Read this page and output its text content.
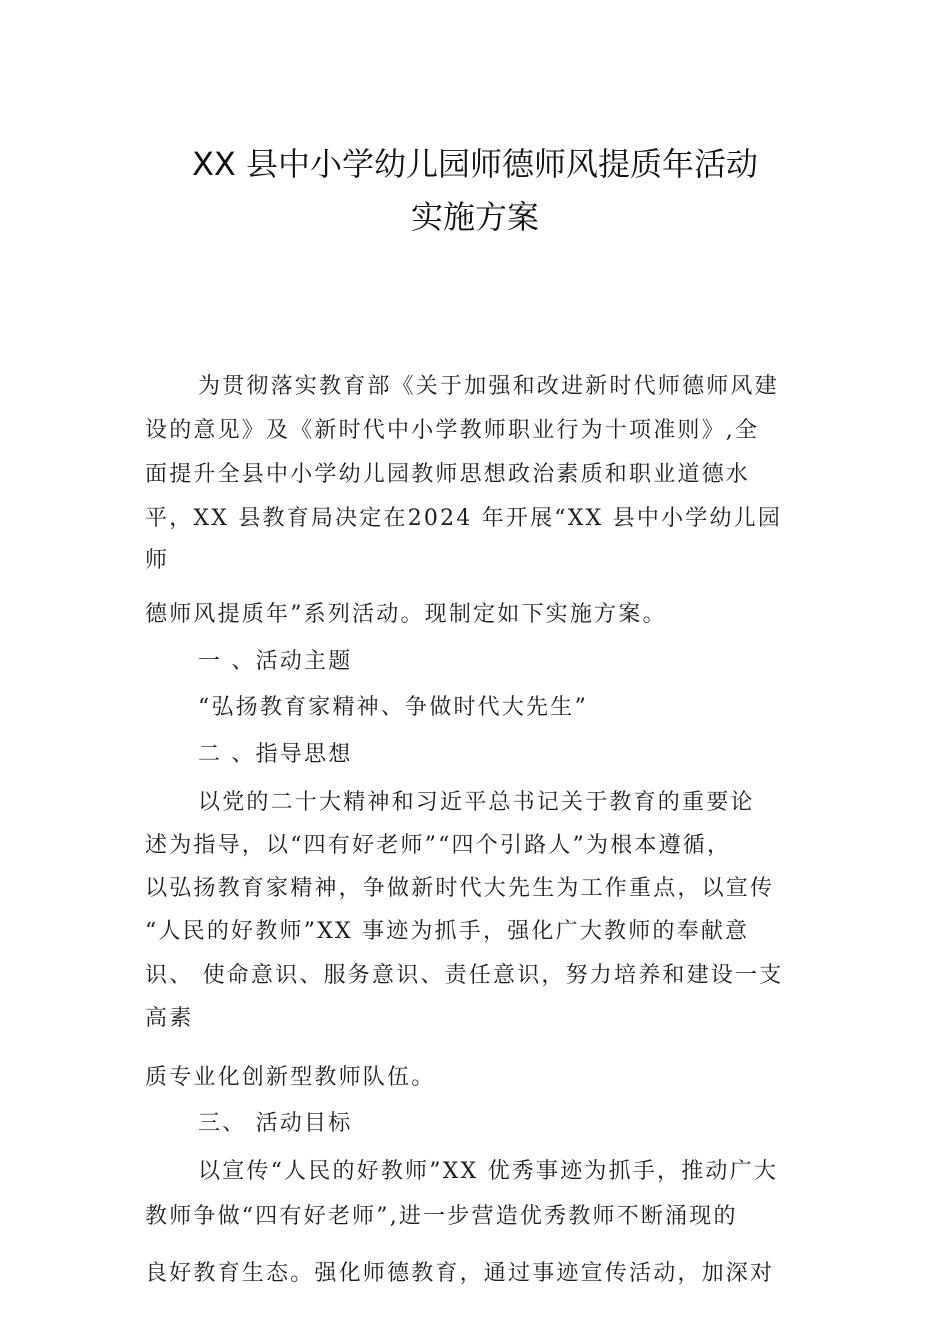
XX 县中小学幼儿园师德师风提质年活动
实施方案
为贯彻落实教育部《关于加强和改进新时代师德师风建
设的意见》及《新时代中小学教师职业行为十项准则》,全
面提升全县中小学幼儿园教师思想政治素质和职业道德水
平，XX 县教育局决定在2024 年开展“XX 县中小学幼儿园
师
德师风提质年”系列活动。现制定如下实施方案。
一 、活动主题
“弘扬教育家精神、争做时代大先生”
二 、指导思想
以党的二十大精神和习近平总书记关于教育的重要论
述为指导，以“四有好老师”“四个引路人”为根本遵循，
以弘扬教育家精神，争做新时代大先生为工作重点，以宣传
“人民的好教师”XX 事迹为抓手，强化广大教师的奉献意
识、 使命意识、服务意识、责任意识，努力培养和建设一支
高素
质专业化创新型教师队伍。
三、 活动目标
以宣传“人民的好教师”XX 优秀事迹为抓手，推动广大
教师争做“四有好老师”,进一步营造优秀教师不断涌现的
良好教育生态。强化师德教育，通过事迹宣传活动，加深对
